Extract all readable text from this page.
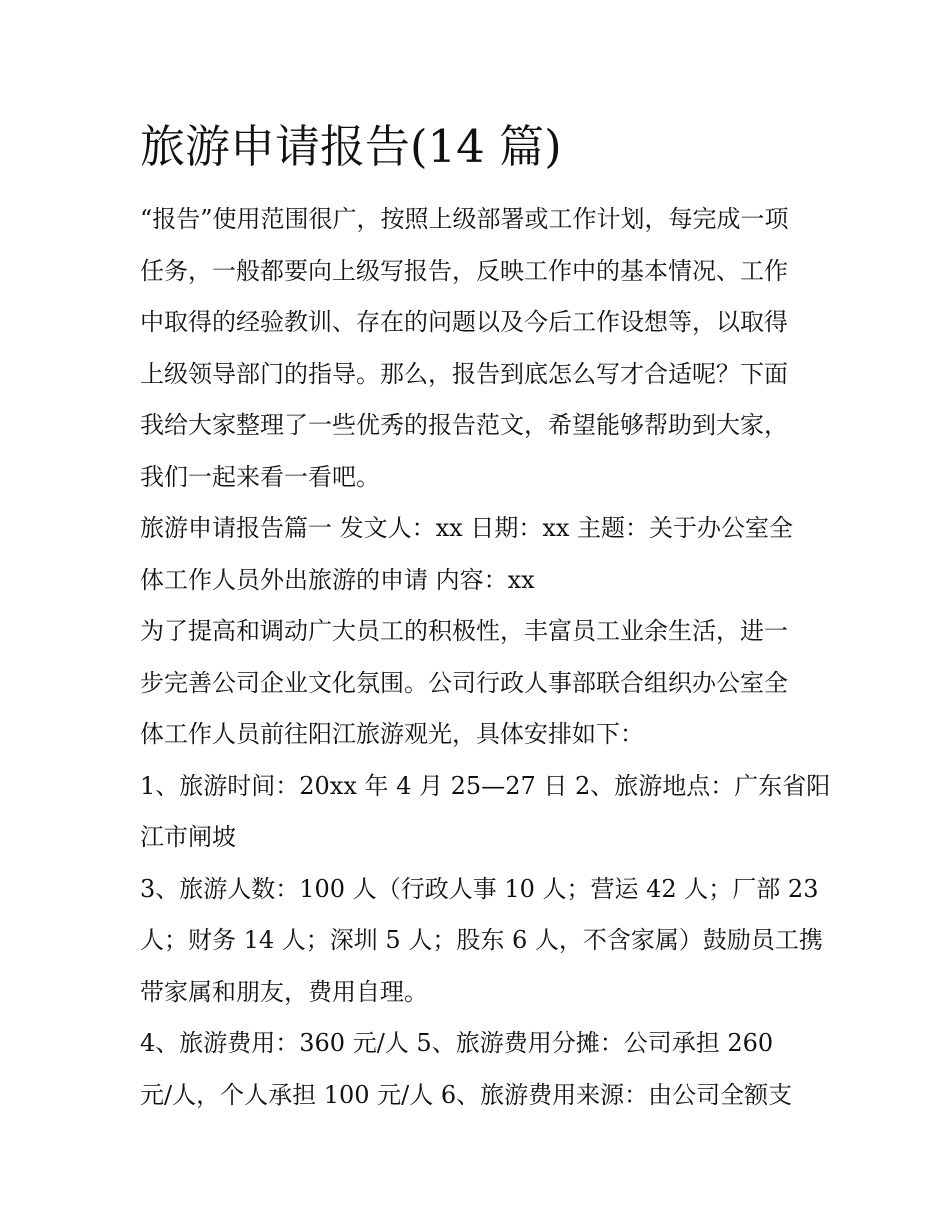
旅游申请报告(14 篇)
“报告”使用范围很广，按照上级部署或工作计划，每完成一项
任务，一般都要向上级写报告，反映工作中的基本情况、工作
中取得的经验教训、存在的问题以及今后工作设想等，以取得
上级领导部门的指导。那么，报告到底怎么写才合适呢？下面
我给大家整理了一些优秀的报告范文，希望能够帮助到大家，
我们一起来看一看吧。
旅游申请报告篇一 发文人：xx 日期：xx 主题：关于办公室全
体工作人员外出旅游的申请 内容：xx
为了提高和调动广大员工的积极性，丰富员工业余生活，进一
步完善公司企业文化氛围。公司行政人事部联合组织办公室全
体工作人员前往阳江旅游观光，具体安排如下：
1、旅游时间：20xx 年 4 月 25—27 日 2、旅游地点：广东省阳
江市闸坡
3、旅游人数：100 人（行政人事 10 人；营运 42 人；厂部 23
人；财务 14 人；深圳 5 人；股东 6 人，不含家属）鼓励员工携
带家属和朋友，费用自理。
4、旅游费用：360 元/人 5、旅游费用分摊：公司承担 260
元/人，个人承担 100 元/人 6、旅游费用来源：由公司全额支
